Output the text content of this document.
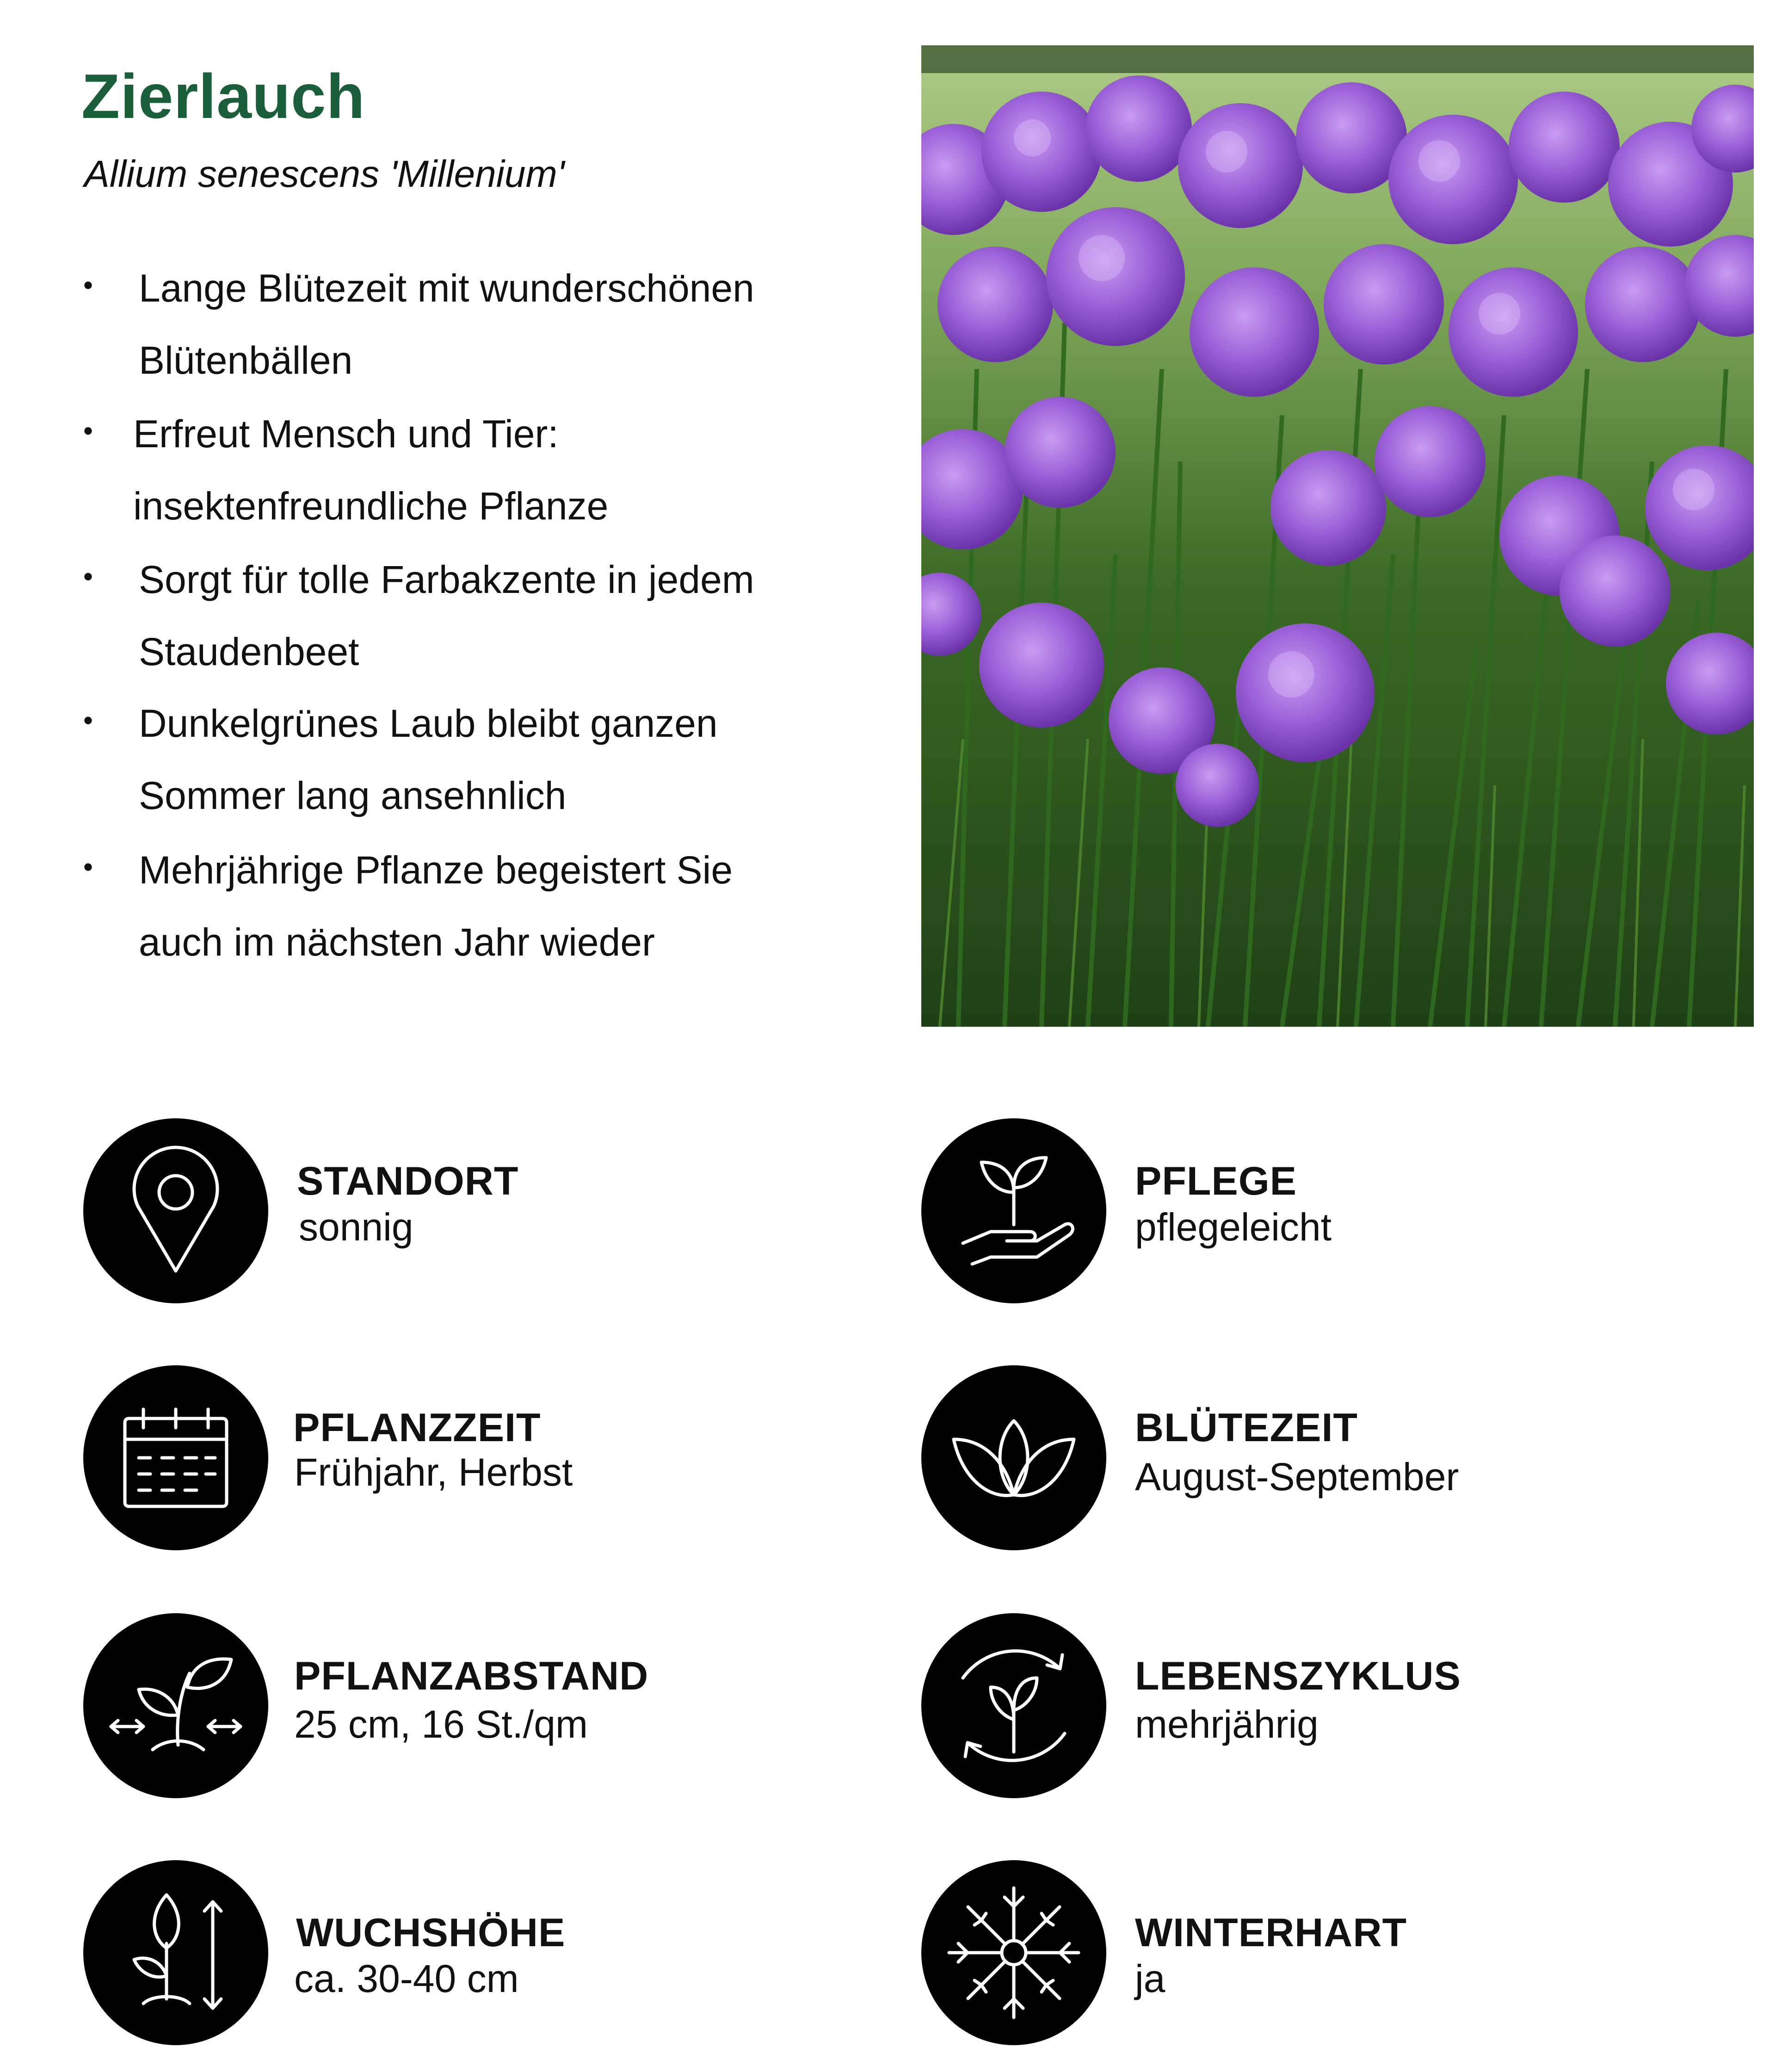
Zierlauch

Allium senescens 'Millenium'

• Lange Blütezeit mit wunderschönen
Blütenbällen
• Erfreut Mensch und Tier:
insektenfreundliche Pflanze
• Sorgt für tolle Farbakzente in jedem
Staudenbeet
• Dunkelgrünes Laub bleibt ganzen
Sommer lang ansehnlich
• Mehrjährige Pflanze begeistert Sie
auch im nächsten Jahr wieder
STANDORT
sonnig
PFLEGE
pflegeleicht
PFLANZZEIT
Frühjahr, Herbst
BLÜTEZEIT
August-September
PFLANZABSTAND
25 cm, 16 St./qm
LEBENSZYKLUS
mehrjährig
WUCHSHÖHE
ca. 30-40 cm
WINTERHART
ja
